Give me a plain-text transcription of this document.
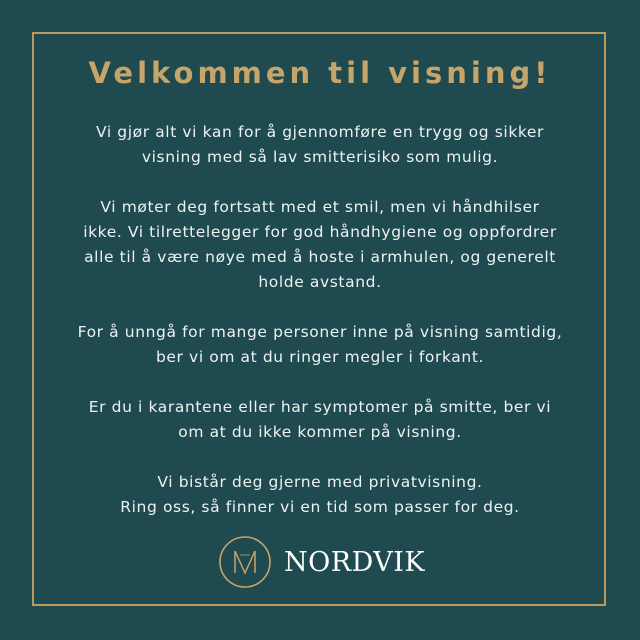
Velkommen til visning!

Vi gjør alt vi kan for å gjennomføre en trygg og sikker
visning med så lav smitterisiko som mulig.

Vi møter deg fortsatt med et smil, men vi håndhilser
ikke. Vi tilrettelegger for god håndhygiene og oppfordrer
alle til å være nøye med å hoste i armhulen, og generelt
holde avstand.

For å unngå for mange personer inne på visning samtidig,
ber vi om at du ringer megler i forkant.

Er du i karantene eller har symptomer på smitte, ber vi
om at du ikke kommer på visning.

Vi bistår deg gjerne med privatvisning.
Ring oss, så finner vi en tid som passer for deg.

NORDVIK
